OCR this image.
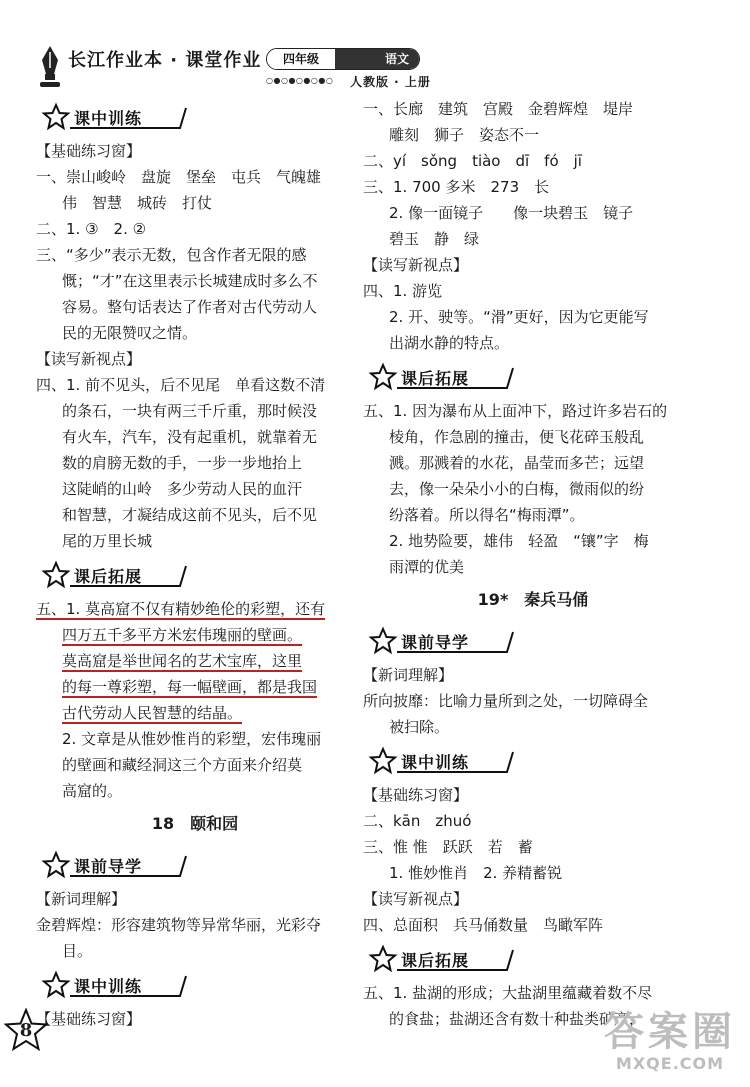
长江作业本 · 课堂作业	四年级	语文
○●○●○●○●○ 人教版 · 上册
课中训练
【基础练习窗】
一、崇山峻岭　盘旋　堡垒　屯兵　气魄雄
伟　智慧　城砖　打仗
二、1. ③　2. ②
三、“多少”表示无数，包含作者无限的感
慨；“才”在这里表示长城建成时多么不
容易。整句话表达了作者对古代劳动人
民的无限赞叹之情。
【读写新视点】
四、1. 前不见头，后不见尾　单看这数不清
的条石，一块有两三千斤重，那时候没
有火车，汽车，没有起重机，就靠着无
数的肩膀无数的手，一步一步地抬上
这陡峭的山岭　多少劳动人民的血汗
和智慧，才凝结成这前不见头，后不见
尾的万里长城
课后拓展
五、1. 莫高窟不仅有精妙绝伦的彩塑，还有
四万五千多平方米宏伟瑰丽的壁画。
莫高窟是举世闻名的艺术宝库，这里
的每一尊彩塑，每一幅壁画，都是我国
古代劳动人民智慧的结晶。
2. 文章是从惟妙惟肖的彩塑，宏伟瑰丽
的壁画和藏经洞这三个方面来介绍莫
高窟的。
18　颐和园
课前导学
【新词理解】
金碧辉煌：形容建筑物等异常华丽，光彩夺
目。
课中训练
【基础练习窗】
一、长廊　建筑　宫殿　金碧辉煌　堤岸
雕刻　狮子　姿态不一
二、yí　sǒng　tiào　dī　fó　jī
三、1. 700 多米　273　长
2. 像一面镜子　　像一块碧玉　镜子
碧玉　静　绿
【读写新视点】
四、1. 游览
2. 开、驶等。“滑”更好，因为它更能写
出湖水静的特点。
课后拓展
五、1. 因为瀑布从上面冲下，路过许多岩石的
棱角，作急剧的撞击，便飞花碎玉般乱
溅。那溅着的水花，晶莹而多芒；远望
去，像一朵朵小小的白梅，微雨似的纷
纷落着。所以得名“梅雨潭”。
2. 地势险要，雄伟　轻盈　“镶”字　梅
雨潭的优美
19*　秦兵马俑
课前导学
【新词理解】
所向披靡：比喻力量所到之处，一切障碍全
被扫除。
课中训练
【基础练习窗】
二、kān　zhuó
三、惟 惟　跃跃　若　蓄
1. 惟妙惟肖　2. 养精蓄锐
【读写新视点】
四、总面积　兵马俑数量　鸟瞰军阵
课后拓展
五、1. 盐湖的形成；大盐湖里蕴藏着数不尽
的食盐；盐湖还含有数十种盐类矿产，
8	答案圈
MXQE.COM
